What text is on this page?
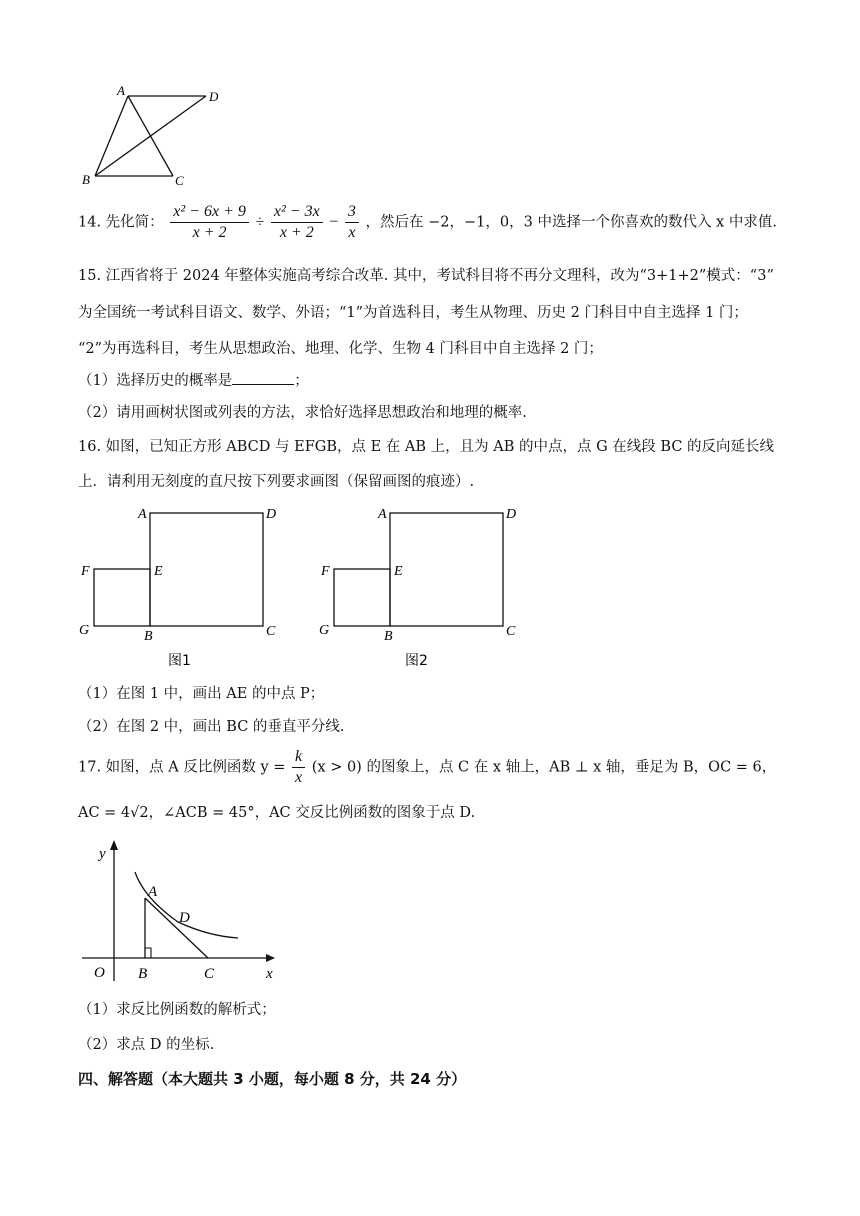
A	D
B	C
14. 先化简： $\frac{\text{x² − 6x + 9}}{x + 2} \div \frac{\text{x² − 3x}}{x + 2} - \frac{3}{x}$ ，然后在 −2，−1，0，3 中选择一个你喜欢的数代入 x 中求值.
15. 江西省将于 2024 年整体实施高考综合改革. 其中，考试科目将不再分文理科，改为“3+1+2”模式：“3”
为全国统一考试科目语文、数学、外语；“1”为首选科目，考生从物理、历史 2 门科目中自主选择 1 门；
“2”为再选科目，考生从思想政治、地理、化学、生物 4 门科目中自主选择 2 门；
（1）选择历史的概率是	；
（2）请用画树状图或列表的方法，求恰好选择思想政治和地理的概率.
16. 如图，已知正方形 ABCD 与 EFGB，点 E 在 AB 上，且为 AB 的中点，点 G 在线段 BC 的反向延长线
上．请利用无刻度的直尺按下列要求画图（保留画图的痕迹）.
A	D
F	E
G	B	C
图1
A	D
F	E
G	B	C
图2
（1）在图 1 中，画出 AE 的中点 P；
（2）在图 2 中，画出 BC 的垂直平分线.
17. 如图，点 A 反比例函数 $y = \frac{k}{x} (x > 0)$ 的图象上，点 C 在 x 轴上，AB ⊥ x 轴，垂足为 B，OC = 6，
AC = 4√2，∠ACB = 45°，AC 交反比例函数的图象于点 D.
y
x
O
A
D
B	C
（1）求反比例函数的解析式；
（2）求点 D 的坐标.
四、解答题（本大题共 3 小题，每小题 8 分，共 24 分）
